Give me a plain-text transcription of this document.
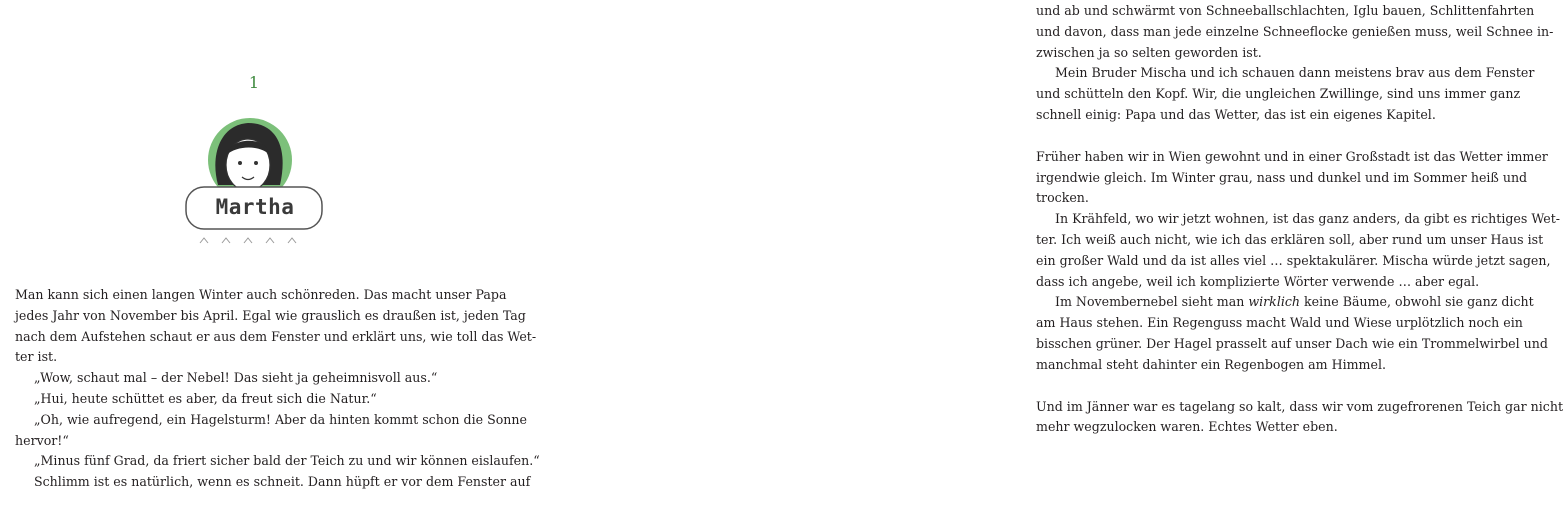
1
Martha
Man kann sich einen langen Winter auch schönreden. Das macht unser Papa
jedes Jahr von November bis April. Egal wie grauslich es draußen ist, jeden Tag
nach dem Aufstehen schaut er aus dem Fenster und erklärt uns, wie toll das Wet-
ter ist.
„Wow, schaut mal – der Nebel! Das sieht ja geheimnisvoll aus.“
„Hui, heute schüttet es aber, da freut sich die Natur.“
„Oh, wie aufregend, ein Hagelsturm! Aber da hinten kommt schon die Sonne
hervor!“
„Minus fünf Grad, da friert sicher bald der Teich zu und wir können eislaufen.“
Schlimm ist es natürlich, wenn es schneit. Dann hüpft er vor dem Fenster auf
und ab und schwärmt von Schneeballschlachten, Iglu bauen, Schlittenfahrten
und davon, dass man jede einzelne Schneeflocke genießen muss, weil Schnee in-
zwischen ja so selten geworden ist.
Mein Bruder Mischa und ich schauen dann meistens brav aus dem Fenster
und schütteln den Kopf. Wir, die ungleichen Zwillinge, sind uns immer ganz
schnell einig: Papa und das Wetter, das ist ein eigenes Kapitel.
Früher haben wir in Wien gewohnt und in einer Großstadt ist das Wetter immer
irgendwie gleich. Im Winter grau, nass und dunkel und im Sommer heiß und
trocken.
In Krähfeld, wo wir jetzt wohnen, ist das ganz anders, da gibt es richtiges Wet-
ter. Ich weiß auch nicht, wie ich das erklären soll, aber rund um unser Haus ist
ein großer Wald und da ist alles viel … spektakulärer. Mischa würde jetzt sagen,
dass ich angebe, weil ich komplizierte Wörter verwende … aber egal.
Im Novembernebel sieht man wirklich keine Bäume, obwohl sie ganz dicht
am Haus stehen. Ein Regenguss macht Wald und Wiese urplötzlich noch ein
bisschen grüner. Der Hagel prasselt auf unser Dach wie ein Trommelwirbel und
manchmal steht dahinter ein Regenbogen am Himmel.
Und im Jänner war es tagelang so kalt, dass wir vom zugefrorenen Teich gar nicht
mehr wegzulocken waren. Echtes Wetter eben.
